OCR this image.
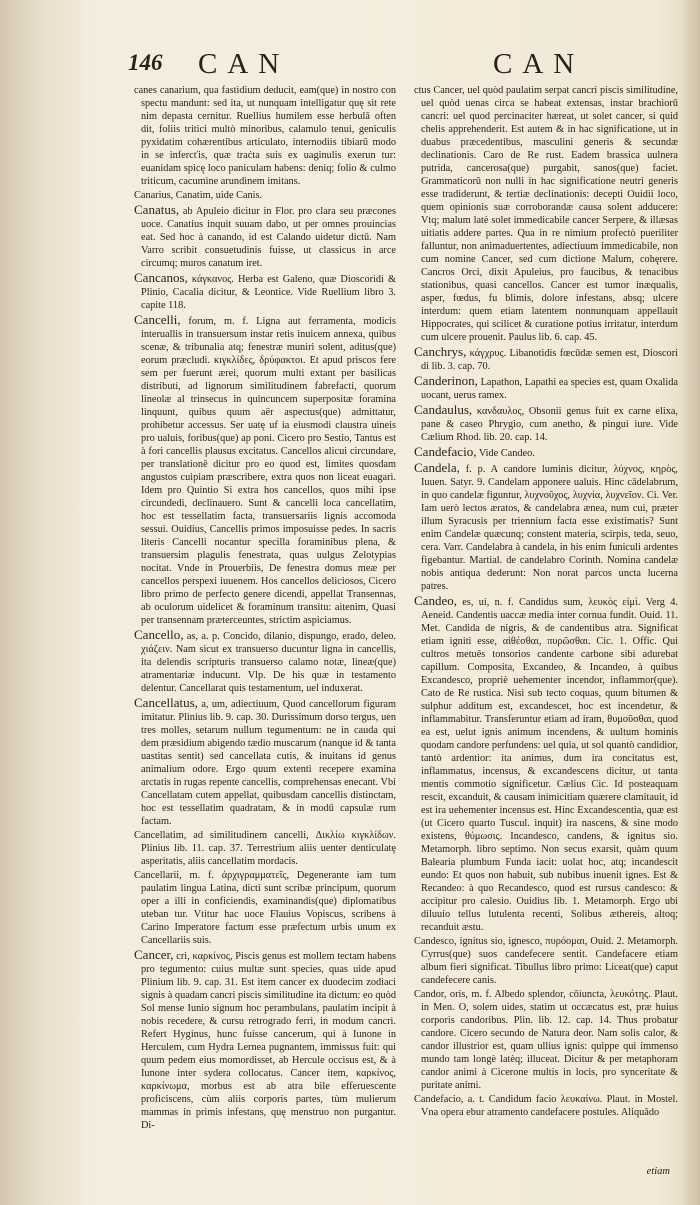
146 CAN	CAN

canes canarium, qua fastidium deducit, eam(que) in nostro con spectu mandunt: sed ita, ut nunquam intelligatur quę sit rete nim depasta cernitur. Ruellius humilem esse herbulā often dit, foliis tritici multò minoribus, calamulo tenui, geniculis pyxidatim cohærentibus articulato, internodiis tibiarū modo in se infercťis, quæ traćta suis ex uaginulis exerun tur: euanidam spicę loco paniculam habens: deniq; folio & culmo triticum, cacumine arundinem imitans.

Canarius, Canatim, uide Canis.

Canatus, ab Apuleio dicitur in Flor. pro clara seu præcones uoce. Canatius inquit suuam dabo, ut per omnes prouincias eat. Sed hoc à canando, id est Calando uidetur dictū. Nam Varro scribit consuetudinis fuisse, ut classicus in arce circumq; muros canatum iret.

Cancanos, κάγκανος. Herba est Galeno, quæ Dioscoridi & Plinio, Cacalia dicitur, & Leontice. Vide Ruellium libro 3. capite 118.

Cancelli, forum, m. f. Ligna aut ferramenta, modicis interuallis in transuersum instar retis inuicem annexa, quibus scenæ, & tribunalia atq; fenestræ muniri solent, aditus(que) eorum præcludi. κιγκλίδες, δρύφακτοι. Et apud priscos fere sem per fuerunt ærei, quorum multi extant per basilicas distributi, ad lignorum similitudinem fabrefacti, quorum lineolæ al trinsecus in quincuncem superpositæ foramina linquunt, quibus quum aër aspectus(que) admittatur, prohibetur accessus. Ser uatę uf ia eiusmodi claustra uineis pro ualuis, foribus(que) ap poni. Cicero pro Sestio, Tantus est à fori cancellis plausus excitatus. Cancellos alicui circundare, per translationē dicitur pro eo quod est, limites quosdam angustos cuipiam præscribere, extra quos non liceat euagari. Idem pro Quintio Si extra hos cancellos, quos mihi ipse circundedi, declinauero. Sunt & cancelli loca cancellatim, hoc est tessellatim facta, transuersariis lignis accomoda sessui. Ouidius, Cancellis primos imposuisse pedes. In sacris literis Cancelli nocantur specilla foraminibus plena, & transuersim plagulis fenestrata, quas uulgus Zelotypias nocitat. Vnde in Prouerbiis, De fenestra domus meæ per cancellos perspexi iuuenem. Hos cancellos deliciosos, Cicero libro primo de perfecto genere dicendi, appellat Transennas, ab oculorum uidelicet & foraminum transitu: aitenim, Quasi per transennam præterceuntes, strictim aspiciamus.

Cancello, as, a. p. Concido, dilanio, dispungo, erado, deleo. χιάζειν. Nam sicut ex transuerso ducuntur ligna in cancellis, ita delendis scripturis transuerso calamo notæ, lineæ(que) atramentariæ inducunt. Vlp. De his quæ in testamento delentur. Cancellarat quis testamentum, uel induxerat.

Cancellatus, a, um, adiectiuum, Quod cancellorum figuram imitatur. Plinius lib. 9. cap. 30. Durissimum dorso tergus, uen tres molles, setarum nullum tegumentum: ne in cauda qui dem præsidium abigendo tædio muscarum (nanque id & tanta uastitas sentit) sed cancellata cutis, & inuitans id genus animalium odore. Ergo quum extenti recepere examina arctatis in rugas repente cancellis, comprehensas enecant. Vbi Cancellatam cutem appellat, quibusdam cancellis distinctam, hoc est tessellatim quadratam, & in modū capsulæ rum factam.

Cancellatim, ad similitudinem cancelli, Δικλίω κιγκλίδων. Plinius lib. 11. cap. 37. Terrestrium aliis uenter denticulatę asperitatis, aliis cancellatim mordacis.

Cancellarii, m. f. ἀρχιγραμματεῖς, Degenerante iam tum paulatim lingua Latina, dicti sunt scribæ principum, quorum oper a illi in conficiendis, examinandis(que) diplomatibus uteban tur. Vtitur hac uoce Flauius Vopiscus, scribens à Carino Imperatore factum esse præfectum urbis unum ex Cancellariis suis.

Cancer, cri, καρκίνος, Piscis genus est mollem tectam habens pro tegumento: cuius multæ sunt species, quas uide apud Plinium lib. 9. cap. 31. Est item cancer ex duodecim zodiaci signis à quadam cancri piscis similitudine ita dictum: eo quòd Sol mense Iunio signum hoc perambulans, paulatim incipit à nobis recedere, & cursu retrogrado ferri, in modum cancri. Refert Hyginus, hunc fuisse cancerum, qui à Iunone in Herculem, cum Hydra Lernea pugnantem, immissus fuit: qui quum pedem eius momordisset, ab Hercule occisus est, & à Iunone inter sydera collocatus. Cancer item, καρκίνος, καρκίνωμα, morbus est ab atra bile efferuescente proficiscens, cùm aliis corporis partes, tùm mulierum mammas in primis infestans, quę menstruo non purgantur. Di-

ctus Cancer, uel quòd paulatim serpat cancri piscis similitudine, uel quòd uenas circa se habeat extensas, instar brachiorū cancri: uel quod percinaciter hæreat, ut solet cancer, si quid chelis apprehenderit. Est autem & in hac significatione, ut in duabus præcedentibus, masculini generis & secundæ declinationis. Caro de Re rust. Eadem brassica uulnera putrida, cancerosa(que) purgabit, sanos(que) faciet. Grammaticorū non nulli in hac significatione neutri generis esse tradiderunt, & tertiæ declinationis: decepti Ouidii loco, quem opinionis suæ corroborandæ causa solent adducere: Vtq; malum latè solet immedicabile cancer Serpere, & illæsas uitiatis addere partes. Qua in re nimium profectò pueriliter falluntur, non animaduertentes, adiectiuum immedicabile, non cum nomine Cancer, sed cum dictione Malum, cohęrere. Cancros Orci, dixit Apuleius, pro faucibus, & tenacibus stationibus, quasi cancellos. Cancer est tumor inæqualis, asper, fœdus, fu blimis, dolore infestans, absq; ulcere interdum: quem etiam latentem nonnunquam appellauit Hippocrates, qui scilicet & curatione potius irritatur, interdum cum ulcere prouenit. Paulus lib. 6. cap. 45.

Canchrys, κάγχρυς. Libanotidis fœcūdæ semen est, Dioscori di lib. 3. cap. 70.

Canderinon, Lapathon, Lapathi ea species est, quam Oxalida uocant, uerus ramex.

Candaulus, κανδαυλος, Obsonii genus fuit ex carne elixa, pane & caseo Phrygio, cum anetho, & pingui iure. Vide Cælium Rhod. lib. 20. cap. 14.

Candefacio, Vide Candeo.

Candela, f. p. A candore luminis dicitur, λύχνος, κηρὸς, Iuuen. Satyr. 9. Candelam apponere ualuis. Hinc cādelabrum, in quo candelæ figuntur, λυχνοῦχος, λυχνία, λυχνεῖον. Ci. Ver. Iam uerò lectos æratos, & candelabra ænea, num cui, præter illum Syracusis per triennium facta esse existimatis? Sunt enim Candelæ quæcunq; constent materia, scirpis, teda, seuo, cera. Varr. Candelabra à candela, in his enim funiculi ardentes figebantur. Martial. de candelabro Corinth. Nomina candelæ nobis antiqua dederunt: Non norat parcos uncta lucerna patres.

Candeo, es, ui, n. f. Candidus sum, λευκὸς εἰμὶ. Verg 4. Aeneid. Candentis uaccæ media inter cornua fundit. Ouid. 11. Met. Candida de nigris, & de candentibus atra. Significat etiam igniti esse, αἰθέσθαι, πυρῶσθαι. Cic. 1. Offic. Qui cultros metuēs tonsorios candente carbone sibi adurebat capillum. Composita, Excandeo, & Incandeo, à quibus Excandesco, propriè uehementer incendor, inflammor(que). Cato de Re rustica. Nisi sub tecto coquas, quum bitumen & sulphur additum est, excandescet, hoc est incendetur, & inflammabitur. Transferuntur etiam ad iram, θυμοῦσθαι, quod ea est, uelut ignis animum incendens, & uultum hominis quodam candore perfundens: uel quia, ut sol quantò candidior, tantò ardentior: ita animus, dum ira concitatus est, inflammatus, incensus, & excandescens dicitur, ut tanta mentis commotio significetur. Cælius Cic. Id posteaquam rescit, excanduit, & causam inimicitiam quærere clamitauit, id est ira uehementer incensus est. Hinc Excandescentia, quæ est (ut Cicero quarto Tuscul. inquit) ira nascens, & sine modo existens, θύμωσις. Incandesco, candens, & ignitus sio. Metamorph. libro septimo. Non secus exarsit, quàm quum Balearia plumbum Funda iacit: uolat hoc, atq; incandescit eundo: Et quos non habuit, sub nubibus inuenit ignes. Est & Recandeo: à quo Recandesco, quod est rursus candesco: & accipitur pro calesio. Ouidius lib. 1. Metamorph. Ergo ubi diluuio tellus lutulenta recenti, Solibus æthereis, altoq; recanduit æstu.

Candesco, ignitus sio, ignesco, πυρόομαι, Ouid. 2. Metamorph. Cyrrus(que) suos candefecere sentit. Candefacere etiam album fieri significat. Tibullus libro primo: Liceat(que) caput candefecere canis.

Candor, oris, m. f. Albedo splendor, cōiuncta, λευκότης. Plaut. in Men. O, solem uides, statim ut occæcatus est, præ huius corporis candoribus. Plin. lib. 12. cap. 14. Thus probatur candore. Cicero secundo de Natura deor. Nam solis calor, & candor illustrior est, quam ullius ignis: quippe qui immenso mundo tam longè latèq; illuceat. Dicitur & per metaphoram candor animi à Cicerone multis in locis, pro synceritate & puritate animi.

Candefacio, a. t. Candidum facio λευκαίνω. Plaut. in Mostel. Vna opera ebur atramento candefacere postules. Aliquādo

etiam
